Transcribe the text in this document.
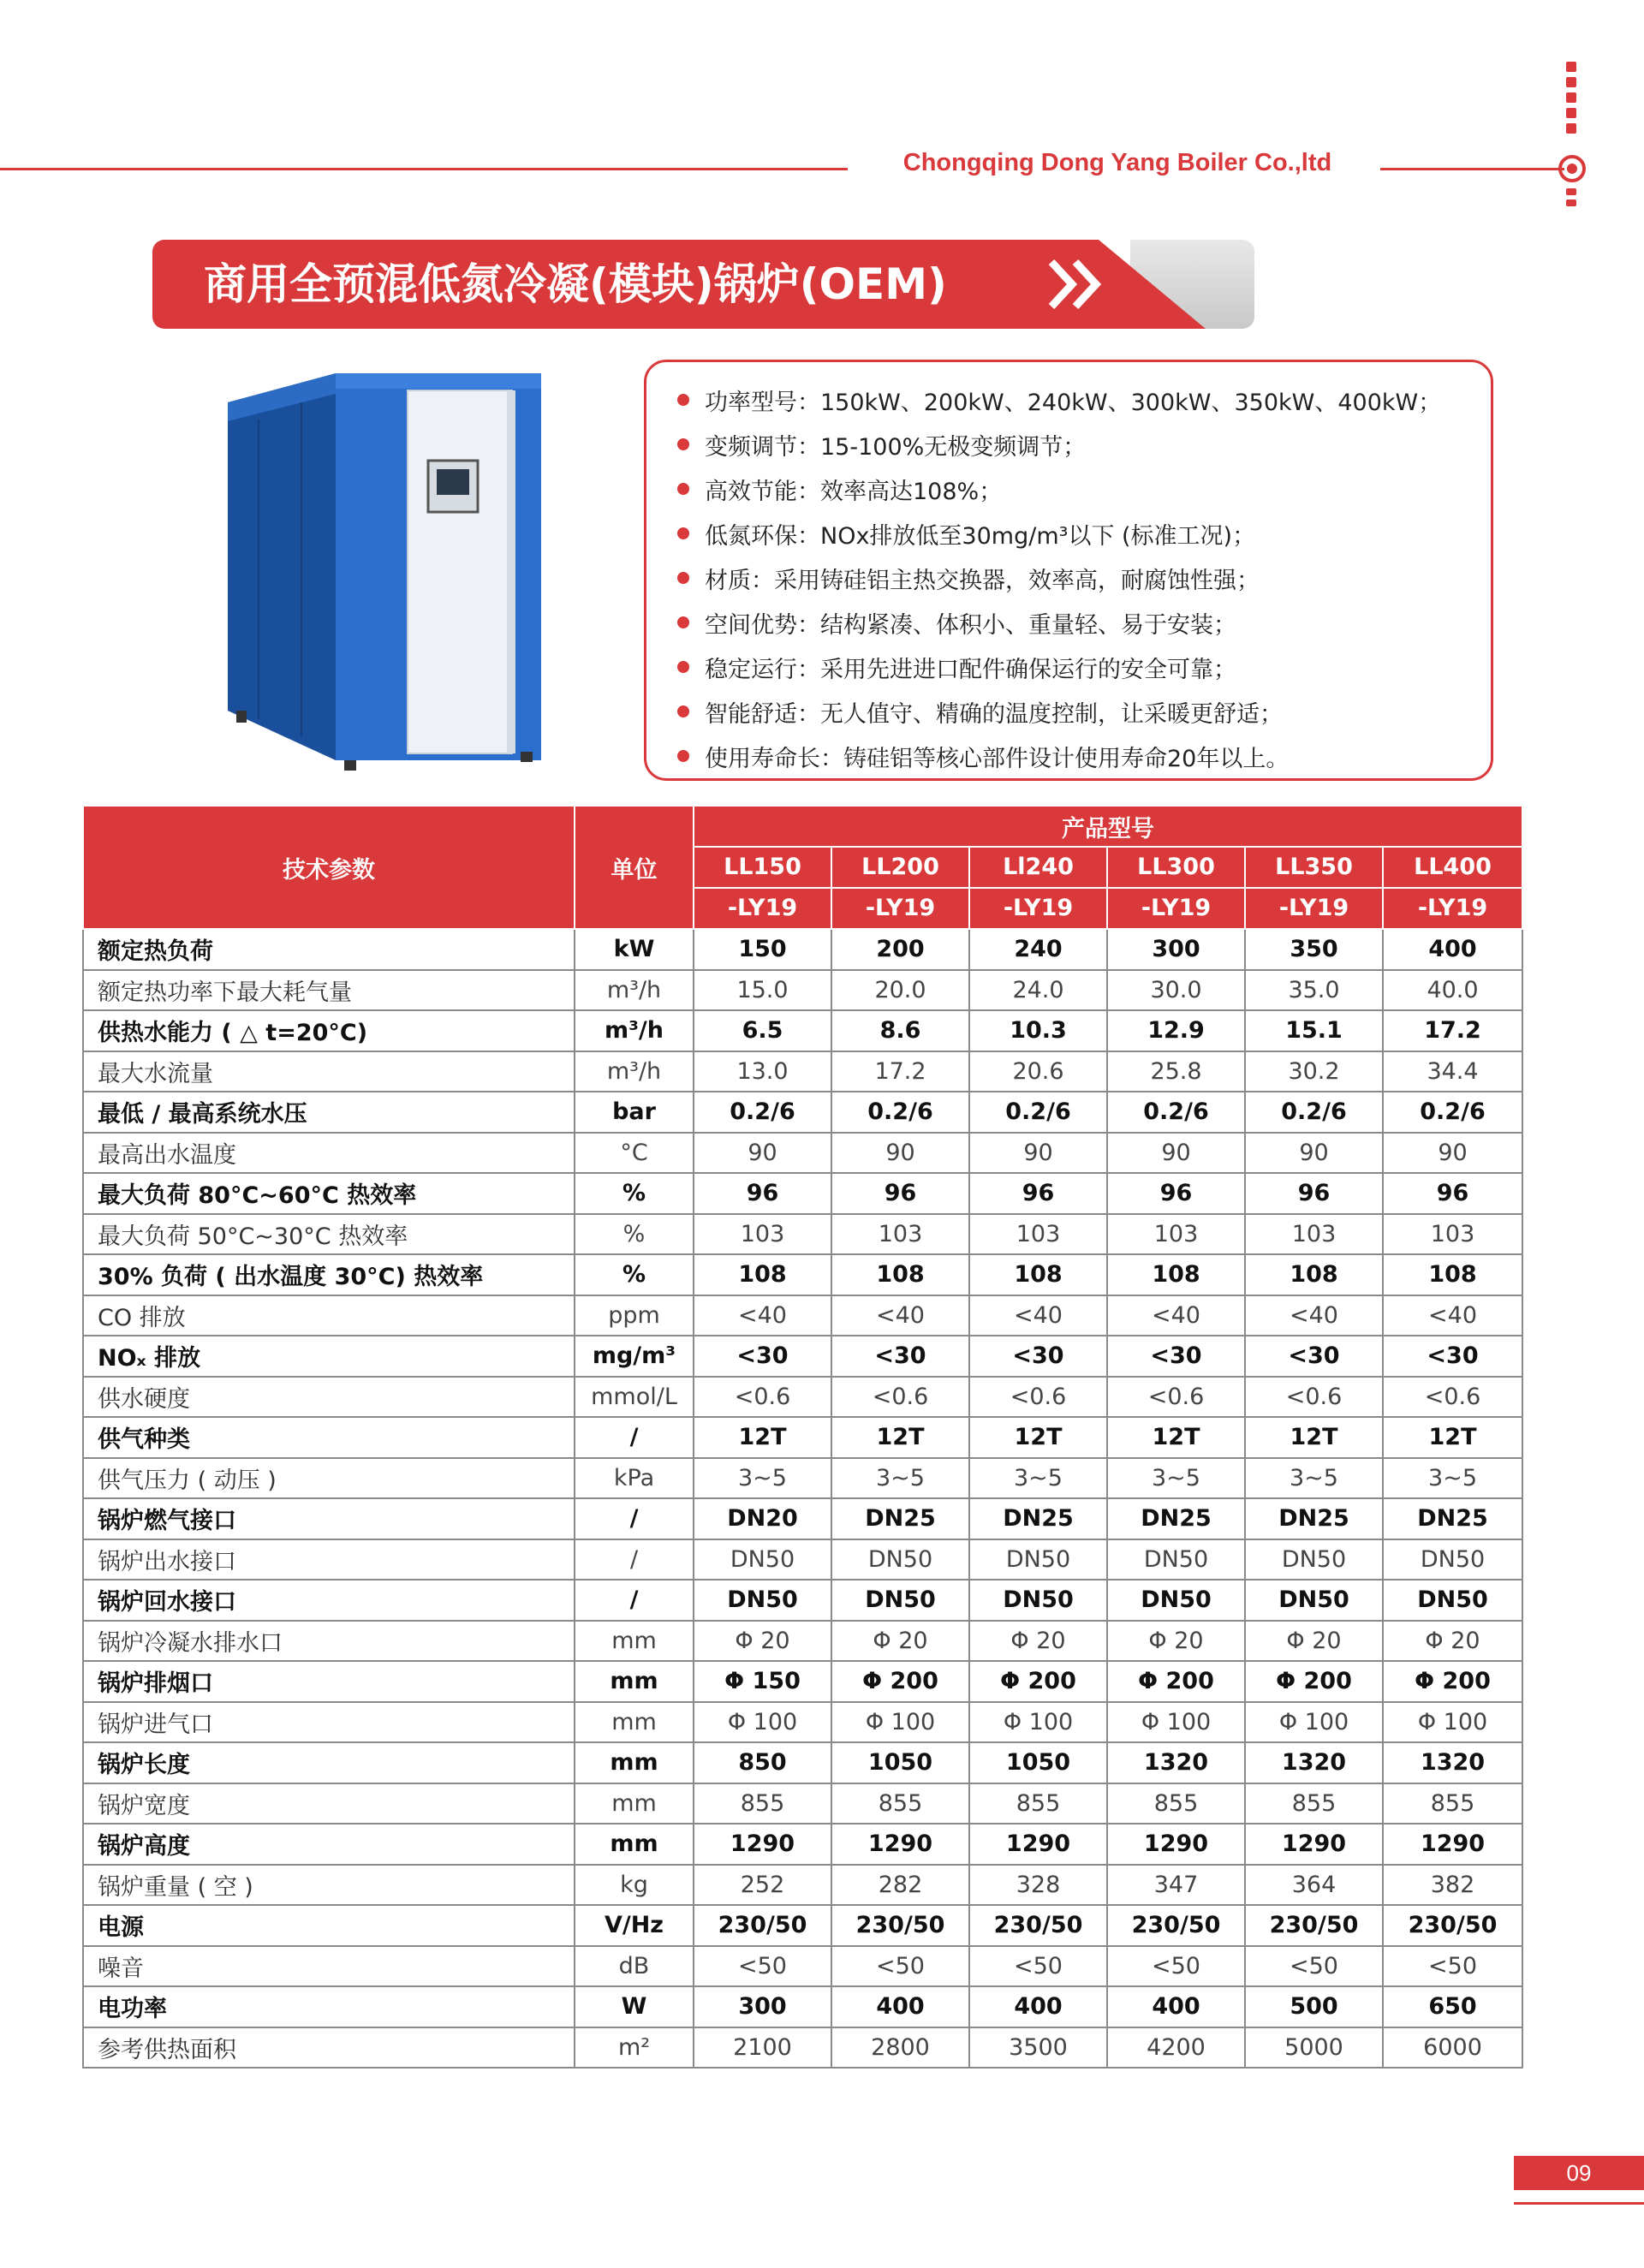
Chongqing Dong Yang Boiler Co.,ltd
商用全预混低氮冷凝(模块)锅炉(OEM)
功率型号：150kW、200kW、240kW、300kW、350kW、400kW；
变频调节：15-100%无极变频调节；
高效节能：效率高达108%；
低氮环保：NOx排放低至30mg/m³以下 (标准工况)；
材质：采用铸硅铝主热交换器，效率高，耐腐蚀性强；
空间优势：结构紧凑、体积小、重量轻、易于安装；
稳定运行：采用先进进口配件确保运行的安全可靠；
智能舒适：无人值守、精确的温度控制，让采暖更舒适；
使用寿命长：铸硅铝等核心部件设计使用寿命20年以上。
技术参数	单位	产品型号					
		LL150	LL200	Ll240	LL300	LL350	LL400
		-LY19	-LY19	-LY19	-LY19	-LY19	-LY19
额定热负荷	kW	150	200	240	300	350	400
额定热功率下最大耗气量	m³/h	15.0	20.0	24.0	30.0	35.0	40.0
供热水能力 ( △ t=20°C)	m³/h	6.5	8.6	10.3	12.9	15.1	17.2
最大水流量	m³/h	13.0	17.2	20.6	25.8	30.2	34.4
最低 / 最高系统水压	bar	0.2/6	0.2/6	0.2/6	0.2/6	0.2/6	0.2/6
最高出水温度	°C	90	90	90	90	90	90
最大负荷 80°C~60°C 热效率	%	96	96	96	96	96	96
最大负荷 50°C~30°C 热效率	%	103	103	103	103	103	103
30% 负荷 ( 出水温度 30°C) 热效率	%	108	108	108	108	108	108
CO 排放	ppm	<40	<40	<40	<40	<40	<40
NOₓ 排放	mg/m³	<30	<30	<30	<30	<30	<30
供水硬度	mmol/L	<0.6	<0.6	<0.6	<0.6	<0.6	<0.6
供气种类	/	12T	12T	12T	12T	12T	12T
供气压力 ( 动压 )	kPa	3~5	3~5	3~5	3~5	3~5	3~5
锅炉燃气接口	/	DN20	DN25	DN25	DN25	DN25	DN25
锅炉出水接口	/	DN50	DN50	DN50	DN50	DN50	DN50
锅炉回水接口	/	DN50	DN50	DN50	DN50	DN50	DN50
锅炉冷凝水排水口	mm	Φ 20	Φ 20	Φ 20	Φ 20	Φ 20	Φ 20
锅炉排烟口	mm	Φ 150	Φ 200	Φ 200	Φ 200	Φ 200	Φ 200
锅炉进气口	mm	Φ 100	Φ 100	Φ 100	Φ 100	Φ 100	Φ 100
锅炉长度	mm	850	1050	1050	1320	1320	1320
锅炉宽度	mm	855	855	855	855	855	855
锅炉高度	mm	1290	1290	1290	1290	1290	1290
锅炉重量 ( 空 )	kg	252	282	328	347	364	382
电源	V/Hz	230/50	230/50	230/50	230/50	230/50	230/50
噪音	dB	<50	<50	<50	<50	<50	<50
电功率	W	300	400	400	400	500	650
参考供热面积	m²	2100	2800	3500	4200	5000	6000
09
